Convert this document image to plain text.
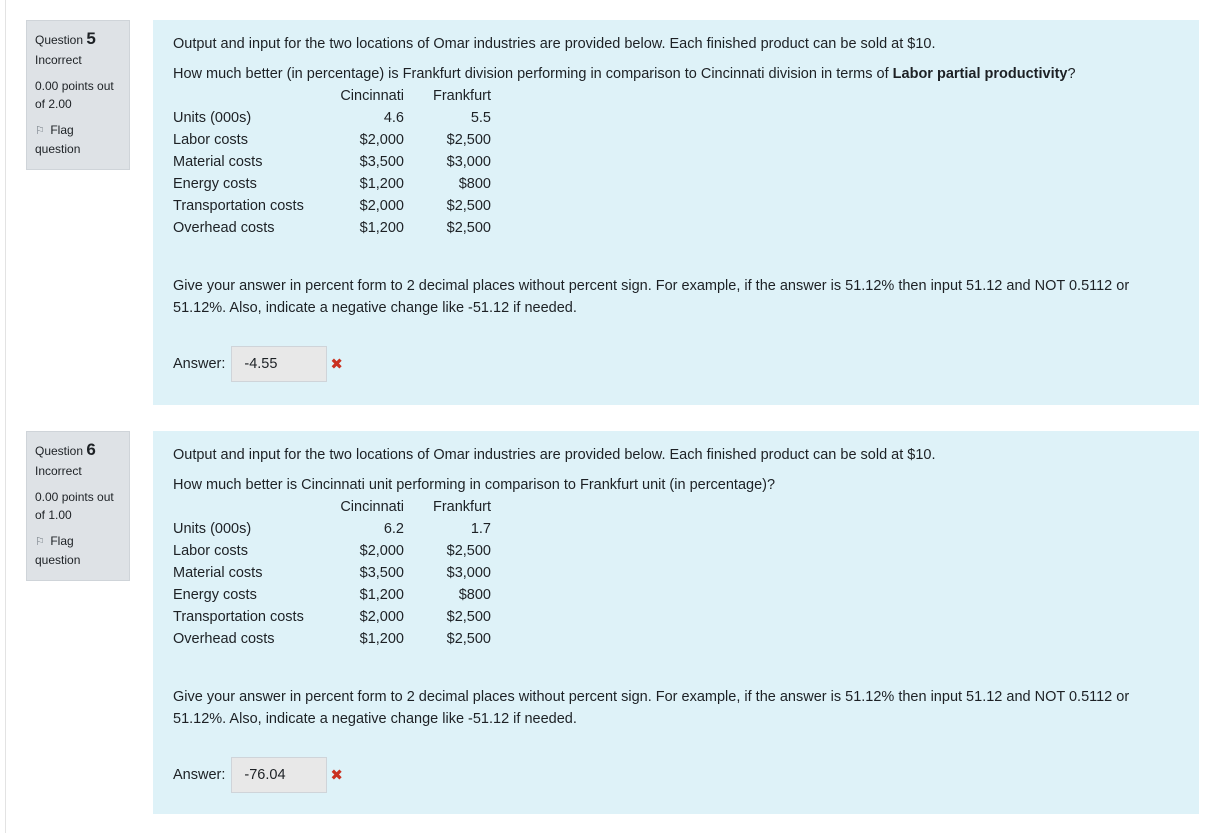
Question 5
Incorrect
0.00 points out of 2.00
⚐ Flag question

Output and input for the two locations of Omar industries are provided below. Each finished product can be sold at $10.

How much better (in percentage) is Frankfurt division performing in comparison to Cincinnati division in terms of Labor partial productivity?

	Cincinnati	Frankfurt
Units (000s)	4.6	5.5
Labor costs	$2,000	$2,500
Material costs	$3,500	$3,000
Energy costs	$1,200	$800
Transportation costs	$2,000	$2,500
Overhead costs	$1,200	$2,500

Give your answer in percent form to 2 decimal places without percent sign. For example, if the answer is 51.12% then input 51.12 and NOT 0.5112 or 51.12%. Also, indicate a negative change like -51.12 if needed.

Answer:
-4.55	✖
Question 6
Incorrect
0.00 points out of 1.00
⚐ Flag question

Output and input for the two locations of Omar industries are provided below. Each finished product can be sold at $10.

How much better is Cincinnati unit performing in comparison to Frankfurt unit (in percentage)?

	Cincinnati	Frankfurt
Units (000s)	6.2	1.7
Labor costs	$2,000	$2,500
Material costs	$3,500	$3,000
Energy costs	$1,200	$800
Transportation costs	$2,000	$2,500
Overhead costs	$1,200	$2,500

Give your answer in percent form to 2 decimal places without percent sign. For example, if the answer is 51.12% then input 51.12 and NOT 0.5112 or 51.12%. Also, indicate a negative change like -51.12 if needed.

Answer:
-76.04	✖
